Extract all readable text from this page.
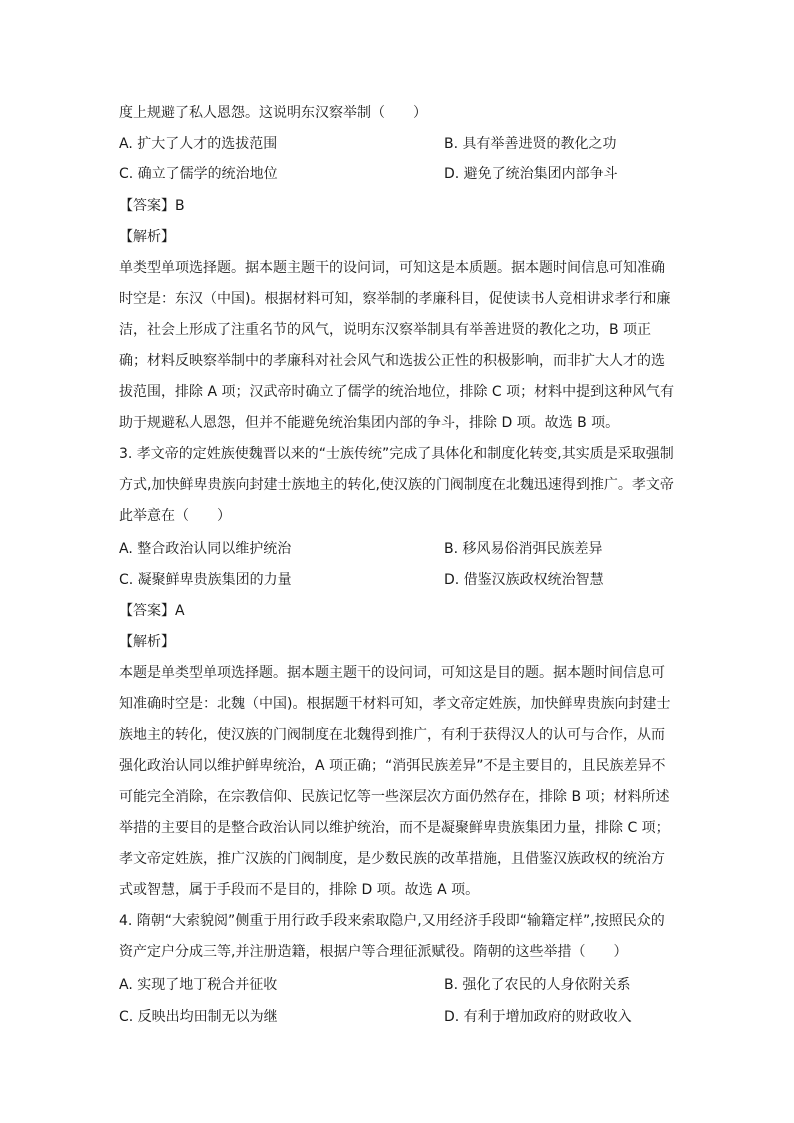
度上规避了私人恩怨。这说明东汉察举制（　　）
A. 扩大了人才的选拔范围	B. 具有举善进贤的教化之功
C. 确立了儒学的统治地位	D. 避免了统治集团内部争斗
【答案】B
【解析】
单类型单项选择题。据本题主题干的设问词，可知这是本质题。据本题时间信息可知准确
时空是：东汉（中国)。根据材料可知，察举制的孝廉科目，促使读书人竞相讲求孝行和廉
洁，社会上形成了注重名节的风气，说明东汉察举制具有举善进贤的教化之功，B 项正
确；材料反映察举制中的孝廉科对社会风气和选拔公正性的积极影响，而非扩大人才的选
拔范围，排除 A 项；汉武帝时确立了儒学的统治地位，排除 C 项；材料中提到这种风气有
助于规避私人恩怨，但并不能避免统治集团内部的争斗，排除 D 项。故选 B 项。
3. 孝文帝的定姓族使魏晋以来的“士族传统”完成了具体化和制度化转变,其实质是采取强制
方式,加快鲜卑贵族向封建士族地主的转化,使汉族的门阀制度在北魏迅速得到推广。孝文帝
此举意在（　　）
A. 整合政治认同以维护统治	B. 移风易俗消弭民族差异
C. 凝聚鲜卑贵族集团的力量	D. 借鉴汉族政权统治智慧
【答案】A
【解析】
本题是单类型单项选择题。据本题主题干的设问词，可知这是目的题。据本题时间信息可
知准确时空是：北魏（中国)。根据题干材料可知，孝文帝定姓族，加快鲜卑贵族向封建士
族地主的转化，使汉族的门阀制度在北魏得到推广，有利于获得汉人的认可与合作，从而
强化政治认同以维护鲜卑统治，A 项正确；“消弭民族差异”不是主要目的，且民族差异不
可能完全消除，在宗教信仰、民族记忆等一些深层次方面仍然存在，排除 B 项；材料所述
举措的主要目的是整合政治认同以维护统治，而不是凝聚鲜卑贵族集团力量，排除 C 项；
孝文帝定姓族，推广汉族的门阀制度，是少数民族的改革措施，且借鉴汉族政权的统治方
式或智慧，属于手段而不是目的，排除 D 项。故选 A 项。
4. 隋朝“大索貌阅”侧重于用行政手段来索取隐户,又用经济手段即“输籍定样”,按照民众的
资产定户分成三等,并注册造籍，根据户等合理征派赋役。隋朝的这些举措（　　）
A. 实现了地丁税合并征收	B. 强化了农民的人身依附关系
C. 反映出均田制无以为继	D. 有利于增加政府的财政收入
